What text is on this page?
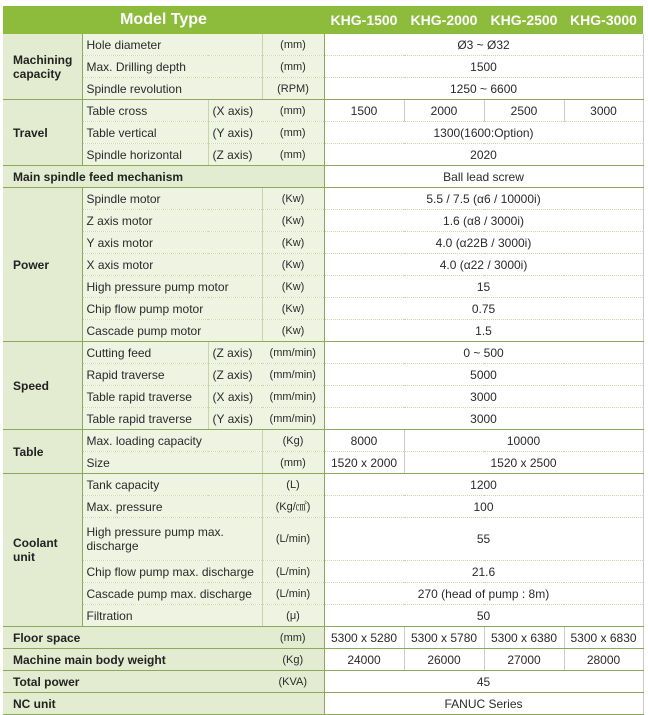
Model Type				KHG-1500	KHG-2000	KHG-2500	KHG-3000
Machining capacity	Hole diameter		(mm)	Ø3 ~ Ø32			
	Max. Drilling depth		(mm)	1500			
	Spindle revolution		(RPM)	1250 ~ 6600			
Travel	Table cross	(X axis)	(mm)	1500	2000	2500	3000
	Table vertical	(Y axis)	(mm)	1300(1600:Option)			
	Spindle horizontal	(Z axis)	(mm)	2020			
Main spindle feed mechanism				Ball lead screw			
Power	Spindle motor		(Kw)	5.5 / 7.5 (α6 / 10000i)			
	Z axis motor		(Kw)	1.6 (α8 / 3000i)			
	Y axis motor		(Kw)	4.0 (α22B / 3000i)			
	X axis motor		(Kw)	4.0 (α22 / 3000i)			
	High pressure pump motor		(Kw)	15			
	Chip flow pump motor		(Kw)	0.75			
	Cascade pump motor		(Kw)	1.5			
Speed	Cutting feed	(Z axis)	(mm/min)	0 ~ 500			
	Rapid traverse	(Z axis)	(mm/min)	5000			
	Table rapid traverse	(X axis)	(mm/min)	3000			
	Table rapid traverse	(Y axis)	(mm/min)	3000			
Table	Max. loading capacity		(Kg)	8000	10000		
	Size		(mm)	1520 x 2000	1520 x 2500		
Coolant unit	Tank capacity		(L)	1200			
	Max. pressure		(Kg/㎠)	100			
	High pressure pump max. discharge		(L/min)	55			
	Chip flow pump max. discharge		(L/min)	21.6			
	Cascade pump max. discharge		(L/min)	270 (head of pump : 8m)			
	Filtration		(μ)	50			
Floor space			(mm)	5300 x 5280	5300 x 5780	5300 x 6380	5300 x 6830
Machine main body weight			(Kg)	24000	26000	27000	28000
Total power			(KVA)	45			
NC unit				FANUC Series			
